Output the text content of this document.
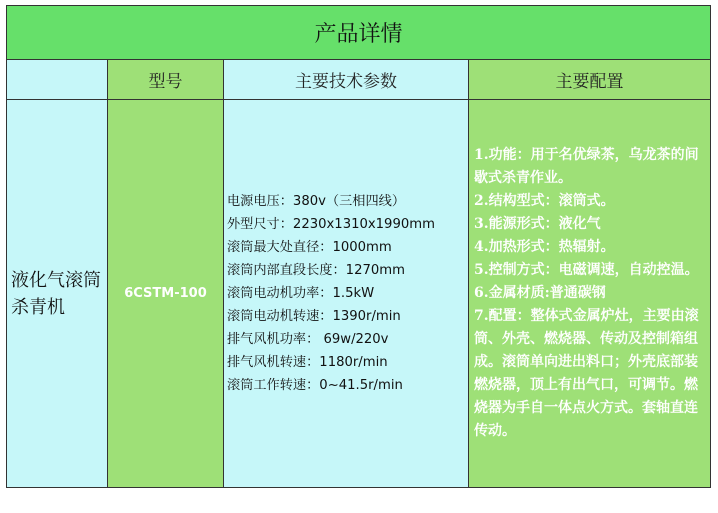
产品详情
型号	主要技术参数	主要配置
液化气滚筒杀青机
6CSTM-100
电源电压：380v（三相四线）
外型尺寸：2230x1310x1990mm
滚筒最大处直径：1000mm
滚筒内部直段长度：1270mm
滚筒电动机功率：1.5kW
滚筒电动机转速：1390r/min
排气风机功率： 69w/220v
排气风机转速：1180r/min
滚筒工作转速：0~41.5r/min
1.功能：用于名优绿茶，乌龙茶的间歇式杀青作业。
2.结构型式：滚筒式。
3.能源形式：液化气
4.加热形式：热辐射。
5.控制方式：电磁调速，自动控温。
6.金属材质:普通碳钢
7.配置：整体式金属炉灶，主要由滚筒、外壳、燃烧器、传动及控制箱组成。滚筒单向进出料口；外壳底部装燃烧器，顶上有出气口，可调节。燃烧器为手自一体点火方式。套轴直连传动。
